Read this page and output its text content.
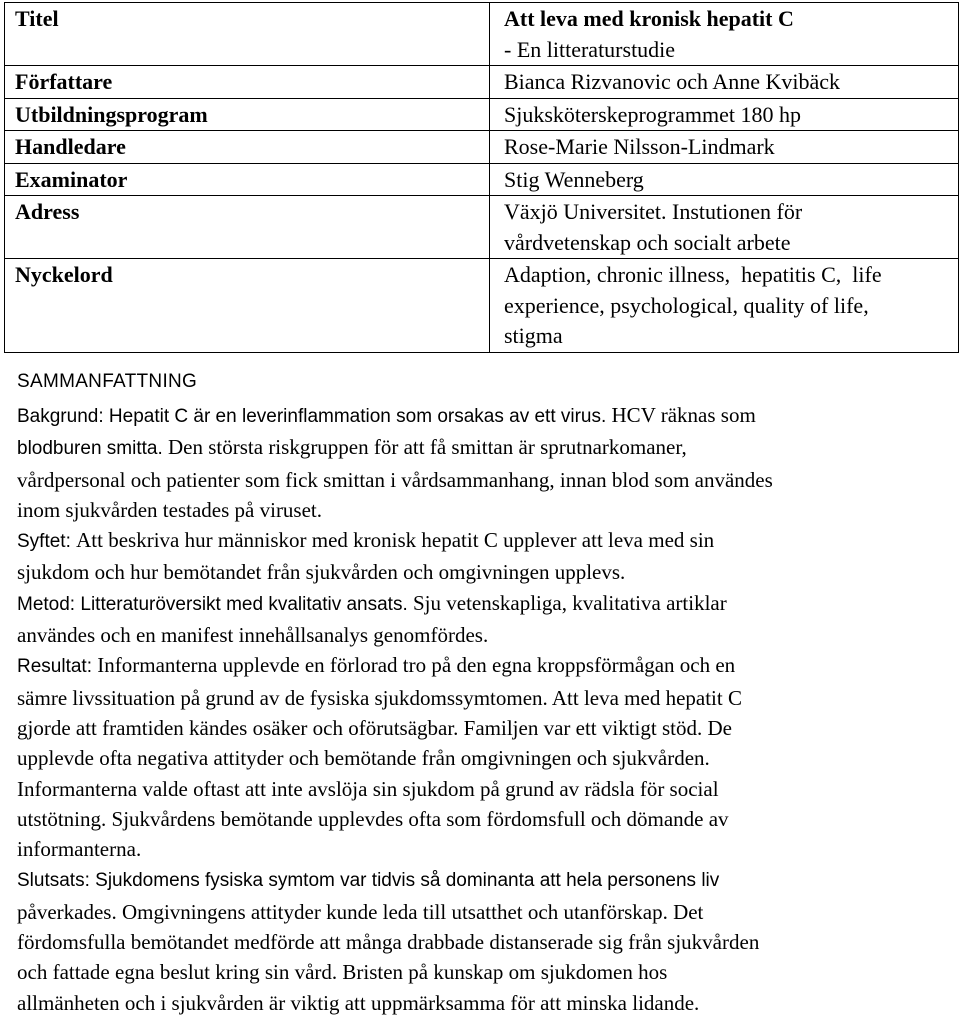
Titel	Att leva med kronisk hepatit C
- En litteraturstudie

Författare	Bianca Rizvanovic och Anne Kvibäck

Utbildningsprogram	Sjuksköterskeprogrammet 180 hp

Handledare	Rose-Marie Nilsson-Lindmark

Examinator	Stig Wenneberg

Adress	Växjö Universitet. Instutionen för
vårdvetenskap och socialt arbete

Nyckelord	Adaption, chronic illness,  hepatitis C,  life
experience, psychological, quality of life,
stigma
SAMMANFATTNING
Bakgrund: Hepatit C är en leverinflammation som orsakas av ett virus. HCV räknas som
blodburen smitta. Den största riskgruppen för att få smittan är sprutnarkomaner,
vårdpersonal och patienter som fick smittan i vårdsammanhang, innan blod som användes
inom sjukvården testades på viruset.
Syftet: Att beskriva hur människor med kronisk hepatit C upplever att leva med sin
sjukdom och hur bemötandet från sjukvården och omgivningen upplevs.
Metod: Litteraturöversikt med kvalitativ ansats. Sju vetenskapliga, kvalitativa artiklar
användes och en manifest innehållsanalys genomfördes.
Resultat: Informanterna upplevde en förlorad tro på den egna kroppsförmågan och en
sämre livssituation på grund av de fysiska sjukdomssymtomen. Att leva med hepatit C
gjorde att framtiden kändes osäker och oförutsägbar. Familjen var ett viktigt stöd. De
upplevde ofta negativa attityder och bemötande från omgivningen och sjukvården.
Informanterna valde oftast att inte avslöja sin sjukdom på grund av rädsla för social
utstötning. Sjukvårdens bemötande upplevdes ofta som fördomsfull och dömande av
informanterna.
Slutsats: Sjukdomens fysiska symtom var tidvis så dominanta att hela personens liv
påverkades. Omgivningens attityder kunde leda till utsatthet och utanförskap. Det
fördomsfulla bemötandet medförde att många drabbade distanserade sig från sjukvården
och fattade egna beslut kring sin vård. Bristen på kunskap om sjukdomen hos
allmänheten och i sjukvården är viktig att uppmärksamma för att minska lidande.
